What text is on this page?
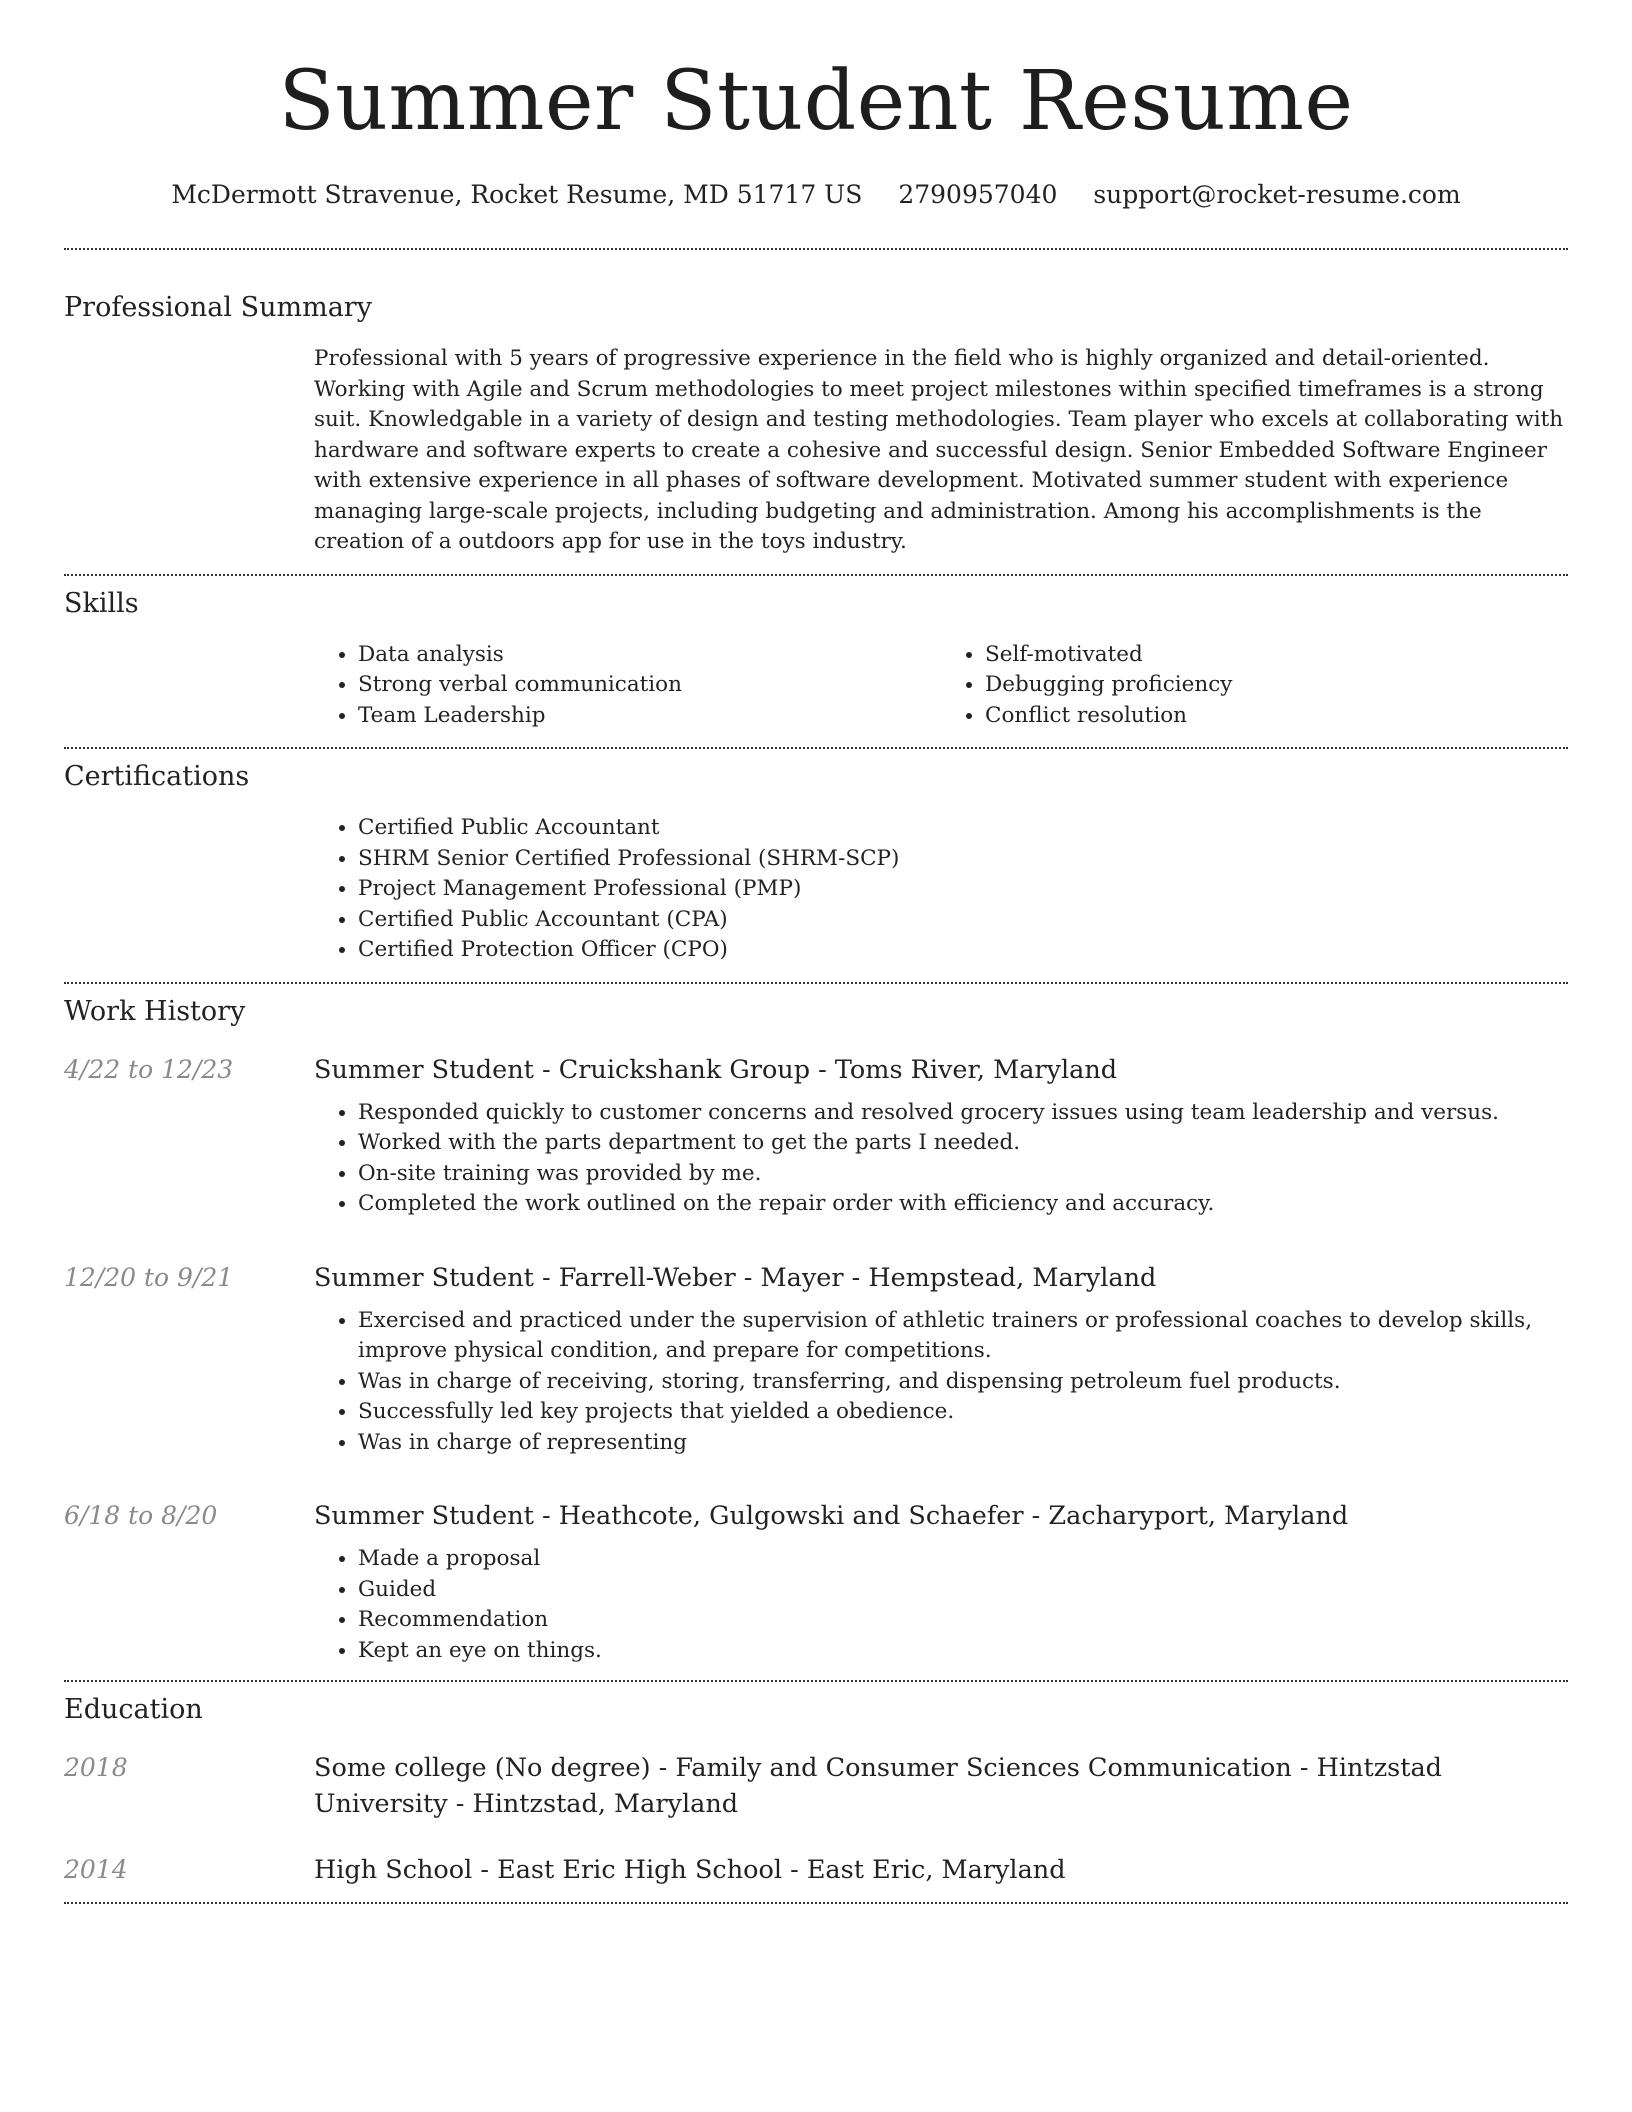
Summer Student Resume
McDermott Stravenue, Rocket Resume, MD 51717 US 2790957040 support@rocket-resume.com
Professional Summary

Professional with 5 years of progressive experience in the field who is highly organized and detail-oriented. Working with Agile and Scrum methodologies to meet project milestones within specified timeframes is a strong suit. Knowledgable in a variety of design and testing methodologies. Team player who excels at collaborating with hardware and software experts to create a cohesive and successful design. Senior Embedded Software Engineer with extensive experience in all phases of software development. Motivated summer student with experience managing large-scale projects, including budgeting and administration. Among his accomplishments is the creation of a outdoors app for use in the toys industry.

Skills
• Data analysis
• Strong verbal communication
• Team Leadership
• Self-motivated
• Debugging proficiency
• Conflict resolution
Certifications
• Certified Public Accountant
• SHRM Senior Certified Professional (SHRM-SCP)
• Project Management Professional (PMP)
• Certified Public Accountant (CPA)
• Certified Protection Officer (CPO)
Work History
4/22 to 12/23	Summer Student - Cruickshank Group - Toms River, Maryland
• Responded quickly to customer concerns and resolved grocery issues using team leadership and versus.
• Worked with the parts department to get the parts I needed.
• On-site training was provided by me.
• Completed the work outlined on the repair order with efficiency and accuracy.
12/20 to 9/21	Summer Student - Farrell-Weber - Mayer - Hempstead, Maryland
• Exercised and practiced under the supervision of athletic trainers or professional coaches to develop skills, improve physical condition, and prepare for competitions.
• Was in charge of receiving, storing, transferring, and dispensing petroleum fuel products.
• Successfully led key projects that yielded a obedience.
• Was in charge of representing
6/18 to 8/20	Summer Student - Heathcote, Gulgowski and Schaefer - Zacharyport, Maryland
• Made a proposal
• Guided
• Recommendation
• Kept an eye on things.
Education
2018	Some college (No degree) - Family and Consumer Sciences Communication - Hintzstad University - Hintzstad, Maryland
2014	High School - East Eric High School - East Eric, Maryland
